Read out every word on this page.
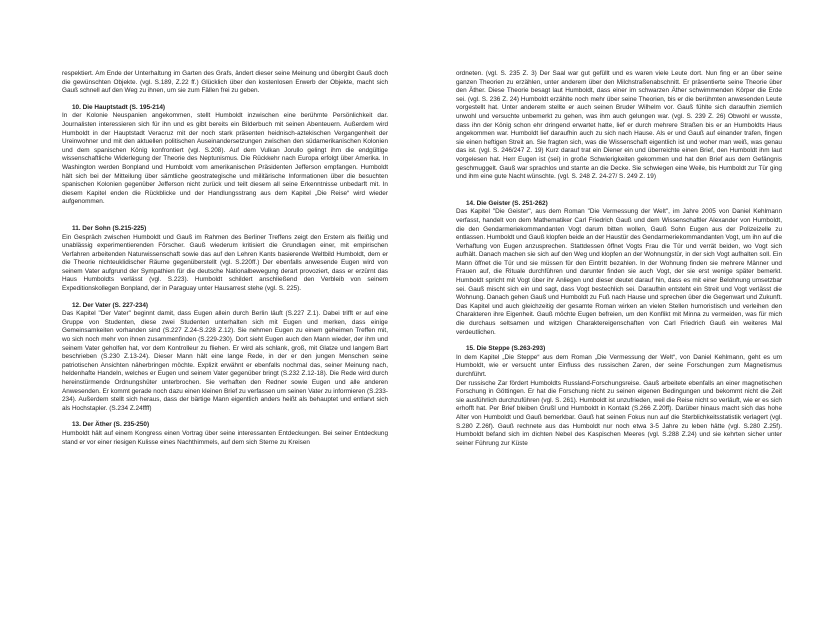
respektiert. Am Ende der Unterhaltung im Garten des Grafs, ändert dieser seine Meinung und übergibt Gauß doch die gewünschten Objekte. (vgl. S.189, Z.22 ff.) Glücklich über den kostenlosen Erwerb der Objekte, macht sich Gauß schnell auf den Weg zu ihnen, um sie zum Fällen frei zu geben.

10. Die Hauptstadt (S. 195-214)

In der Kolonie Neuspanien angekommen, stellt Humboldt inzwischen eine berühmte Persönlichkeit dar. Journalisten interessieren sich für ihn und es gibt bereits ein Bilderbuch mit seinen Abenteuern. Außerdem wird Humboldt in der Hauptstadt Veracruz mit der noch stark präsenten heidnisch-aztekischen Vergangenheit der Ureinwohner und mit den aktuellen politischen Auseinandersetzungen zwischen den südamerikanischen Kolonien und dem spanischen König konfrontiert (vgl. S.208). Auf dem Vulkan Jorullo gelingt ihm die endgültige wissenschaftliche Widerlegung der Theorie des Neptunismus. Die Rückkehr nach Europa erfolgt über Amerika. In Washington werden Bonpland und Humboldt vom amerikanischen Präsidenten Jefferson empfangen. Humboldt hält sich bei der Mitteilung über sämtliche geostrategische und militärische Informationen über die besuchten spanischen Kolonien gegenüber Jefferson nicht zurück und teilt diesem all seine Erkenntnisse unbedarft mit. In diesem Kapitel enden die Rückblicke und der Handlungsstrang aus dem Kapitel „Die Reise“ wird wieder aufgenommen.

11. Der Sohn (S.215-225)

Ein Gespräch zwischen Humboldt und Gauß im Rahmen des Berliner Treffens zeigt den Erstern als fleißig und unablässig experimentierenden Förscher. Gauß wiederum kritisiert die Grundlagen einer, mit empirischen Verfahren arbeitenden Naturwissenschaft sowie das auf den Lehren Kants basierende Weltbild Humboldt, dem er die Theorie nichteuklidischer Räume gegenüberstellt (vgl. S.220ff.) Der ebenfalls anwesende Eugen wird von seinem Vater aufgrund der Sympathien für die deutsche Nationalbewegung derart provoziert, dass er erzürnt das Haus Humboldts verlässt (vgl. S.223). Humboldt schildert anschließend den Verbleib von seinem Expeditionskollegen Bonpland, der in Paraguay unter Hausarrest stehe (vgl. S. 225).

12. Der Vater (S. 227-234)

Das Kapitel "Der Vater" beginnt damit, dass Eugen allein durch Berlin läuft (S.227 Z.1). Dabei trifft er auf eine Gruppe von Studenten, diese zwei Studenten unterhalten sich mit Eugen und merken, dass einige Gemeinsamkeiten vorhanden sind (S.227 Z.24-S.228 Z.12). Sie nehmen Eugen zu einem geheimen Treffen mit, wo sich noch mehr von ihnen zusammenfinden (S.229-230). Dort sieht Eugen auch den Mann wieder, der ihm und seinem Vater geholfen hat, vor dem Kontrolleur zu fliehen. Er wird als schlank, groß, mit Glatze und langem Bart beschrieben (S.230 Z.13-24). Dieser Mann hält eine lange Rede, in der er den jungen Menschen seine patriotischen Ansichten näherbringen möchte. Explizit erwähnt er ebenfalls nochmal das, seiner Meinung nach, heldenhafte Handeln, welches er Eugen und seinem Vater gegenüber bringt (S.232 Z.12-18). Die Rede wird durch hereinstürmende Ordnungshüter unterbrochen. Sie verhaften den Redner sowie Eugen und alle anderen Anwesenden. Er kommt gerade noch dazu einen kleinen Brief zu verfassen um seinen Vater zu informieren (S.233-234). Außerdem stellt sich heraus, dass der bärtige Mann eigentlich anders heißt als behauptet und entlarvt sich als Hochstapler. (S.234 Z.24ffff)

13. Der Äther (S. 235-250)

Humboldt hält auf einem Kongress einen Vortrag über seine interessanten Entdeckungen. Bei seiner Entdeckung stand er vor einer riesigen Kulisse eines Nachthimmels, auf dem sich Sterne zu Kreisen

ordneten. (vgl. S. 235 Z. 3) Der Saal war gut gefüllt und es waren viele Leute dort. Nun fing er an über seine ganzen Theorien zu erzählen, unter anderem über den Milchstraßenabschnitt. Er präsentierte seine Theorie über den Äther. Diese Theorie besagt laut Humboldt, dass einer im schwarzen Äther schwimmenden Körper die Erde sei. (vgl. S. 236 Z. 24) Humboldt erzählte noch mehr über seine Theorien, bis er die berühmten anwesenden Leute vorgestellt hat. Unter anderem stellte er auch seinen Bruder Wilhelm vor. Gauß fühlte sich daraufhin ziemlich unwohl und versuchte unbemerkt zu gehen, was ihm auch gelungen war. (vgl. S. 239 Z. 26) Obwohl er wusste, dass ihn der König schon ehr dringend erwartet hatte, lief er durch mehrere Straßen bis er an Humboldts Haus angekommen war. Humboldt lief daraufhin auch zu sich nach Hause. Als er und Gauß auf einander trafen, fingen sie einen heftigen Streit an. Sie fragten sich, was die Wissenschaft eigentlich ist und woher man weiß, was genau das ist. (vgl. S. 246/247 Z. 19) Kurz darauf trat ein Diener ein und überreichte einen Brief, den Humboldt ihm laut vorgelesen hat. Herr Eugen ist (sei) in große Schwierigkeiten gekommen und hat den Brief aus dem Gefängnis geschmuggelt. Gauß war sprachlos und starrte an die Decke. Sie schwiegen eine Weile, bis Humboldt zur Tür ging und ihm eine gute Nacht wünschte. (vgl. S. 248 Z. 24-27/ S. 249 Z. 19)

14. Die Geister (S. 251-262)

Das Kapitel "Die Geister", aus dem Roman "Die Vermessung der Welt", im Jahre 2005 von Daniel Kehlmann verfasst, handelt von dem Mathematiker Carl Friedrich Gauß und dem Wissenschaftler Alexander von Humboldt, die den Gendarmeriekommandanten Vogt darum bitten wollen, Gauß Sohn Eugen aus der Polizeizelle zu entlassen. Humboldt und Gauß klopfen beide an der Haustür des Gendarmeriekommandanten Vogt, um ihn auf die Verhaftung von Eugen anzusprechen. Stattdessen öffnet Vogts Frau die Tür und verrät beiden, wo Vogt sich aufhält. Danach machen sie sich auf den Weg und klopfen an der Wohnungstür, in der sich Vogt aufhalten soll. Ein Mann öffnet die Tür und sie müssen für den Eintritt bezahlen. In der Wohnung finden sie mehrere Männer und Frauen auf, die Rituale durchführen und darunter finden sie auch Vogt, der sie erst wenige später bemerkt. Humboldt spricht mit Vogt über ihr Anliegen und dieser deutet darauf hin, dass es mit einer Belohnung umsetzbar sei. Gauß mischt sich ein und sagt, dass Vogt bestechlich sei. Daraufhin entsteht ein Streit und Vogt verlässt die Wohnung. Danach gehen Gauß und Humboldt zu Fuß nach Hause und sprechen über die Gegenwart und Zukunft. Das Kapitel und auch gleichzeitig der gesamte Roman wirken an vielen Stellen humoristisch und verleihen den Charakteren ihre Eigenheit. Gauß möchte Eugen befreien, um den Konflikt mit Minna zu vermeiden, was für mich die durchaus seltsamen und witzigen Charaktereigenschaften von Carl Friedrich Gauß ein weiteres Mal verdeutlichen.

15. Die Steppe (S.263-293)

In dem Kapitel „Die Steppe“ aus dem Roman „Die Vermessung der Welt“, von Daniel Kehlmann, geht es um Humboldt, wie er versucht unter Einfluss des russischen Zaren, der seine Forschungen zum Magnetismus durchführt.

Der russische Zar fördert Humboldts Russland-Forschungsreise. Gauß arbeitete ebenfalls an einer magnetischen Forschung in Göttingen. Er hat die Forschung nicht zu seinen eigenen Bedingungen und bekommt nicht die Zeit sie ausführlich durchzuführen (vgl. S. 261). Humboldt ist unzufrieden, weil die Reise nicht so verläuft, wie er es sich erhofft hat. Per Brief bleiben Grußl und Humboldt in Kontakt (S.266 Z.20ff). Darüber hinaus macht sich das hohe Alter von Humboldt und Gauß bemerkbar. Gauß hat seinen Fokus nun auf die Sterblichkeitsstatistik verlagert (vgl. S.280 Z.26f). Gauß rechnete aus das Humboldt nur noch etwa 3-5 Jahre zu leben hätte (vgl. S.280 Z.25f). Humboldt befand sich im dichten Nebel des Kaspischen Meeres (vgl. S.288 Z.24) und sie kehrten sicher unter seiner Führung zur Küste
